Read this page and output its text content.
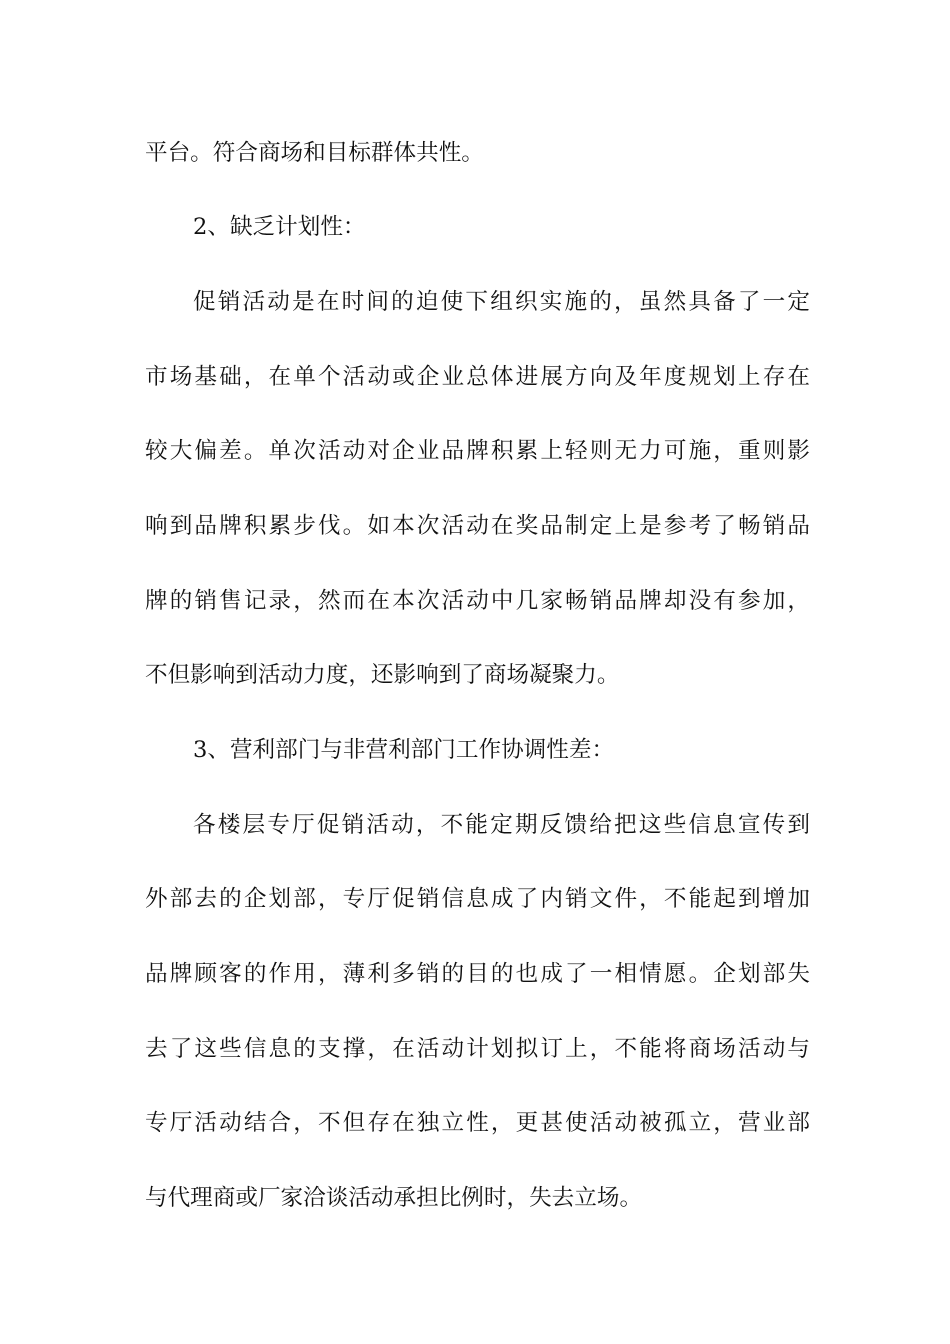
平台。符合商场和目标群体共性。
2、缺乏计划性：
促销活动是在时间的迫使下组织实施的，虽然具备了一定
市场基础，在单个活动或企业总体进展方向及年度规划上存在
较大偏差。单次活动对企业品牌积累上轻则无力可施，重则影
响到品牌积累步伐。如本次活动在奖品制定上是参考了畅销品
牌的销售记录，然而在本次活动中几家畅销品牌却没有参加，
不但影响到活动力度，还影响到了商场凝聚力。
3、营利部门与非营利部门工作协调性差：
各楼层专厅促销活动，不能定期反馈给把这些信息宣传到
外部去的企划部，专厅促销信息成了内销文件，不能起到增加
品牌顾客的作用，薄利多销的目的也成了一相情愿。企划部失
去了这些信息的支撑，在活动计划拟订上，不能将商场活动与
专厅活动结合，不但存在独立性，更甚使活动被孤立，营业部
与代理商或厂家洽谈活动承担比例时，失去立场。
